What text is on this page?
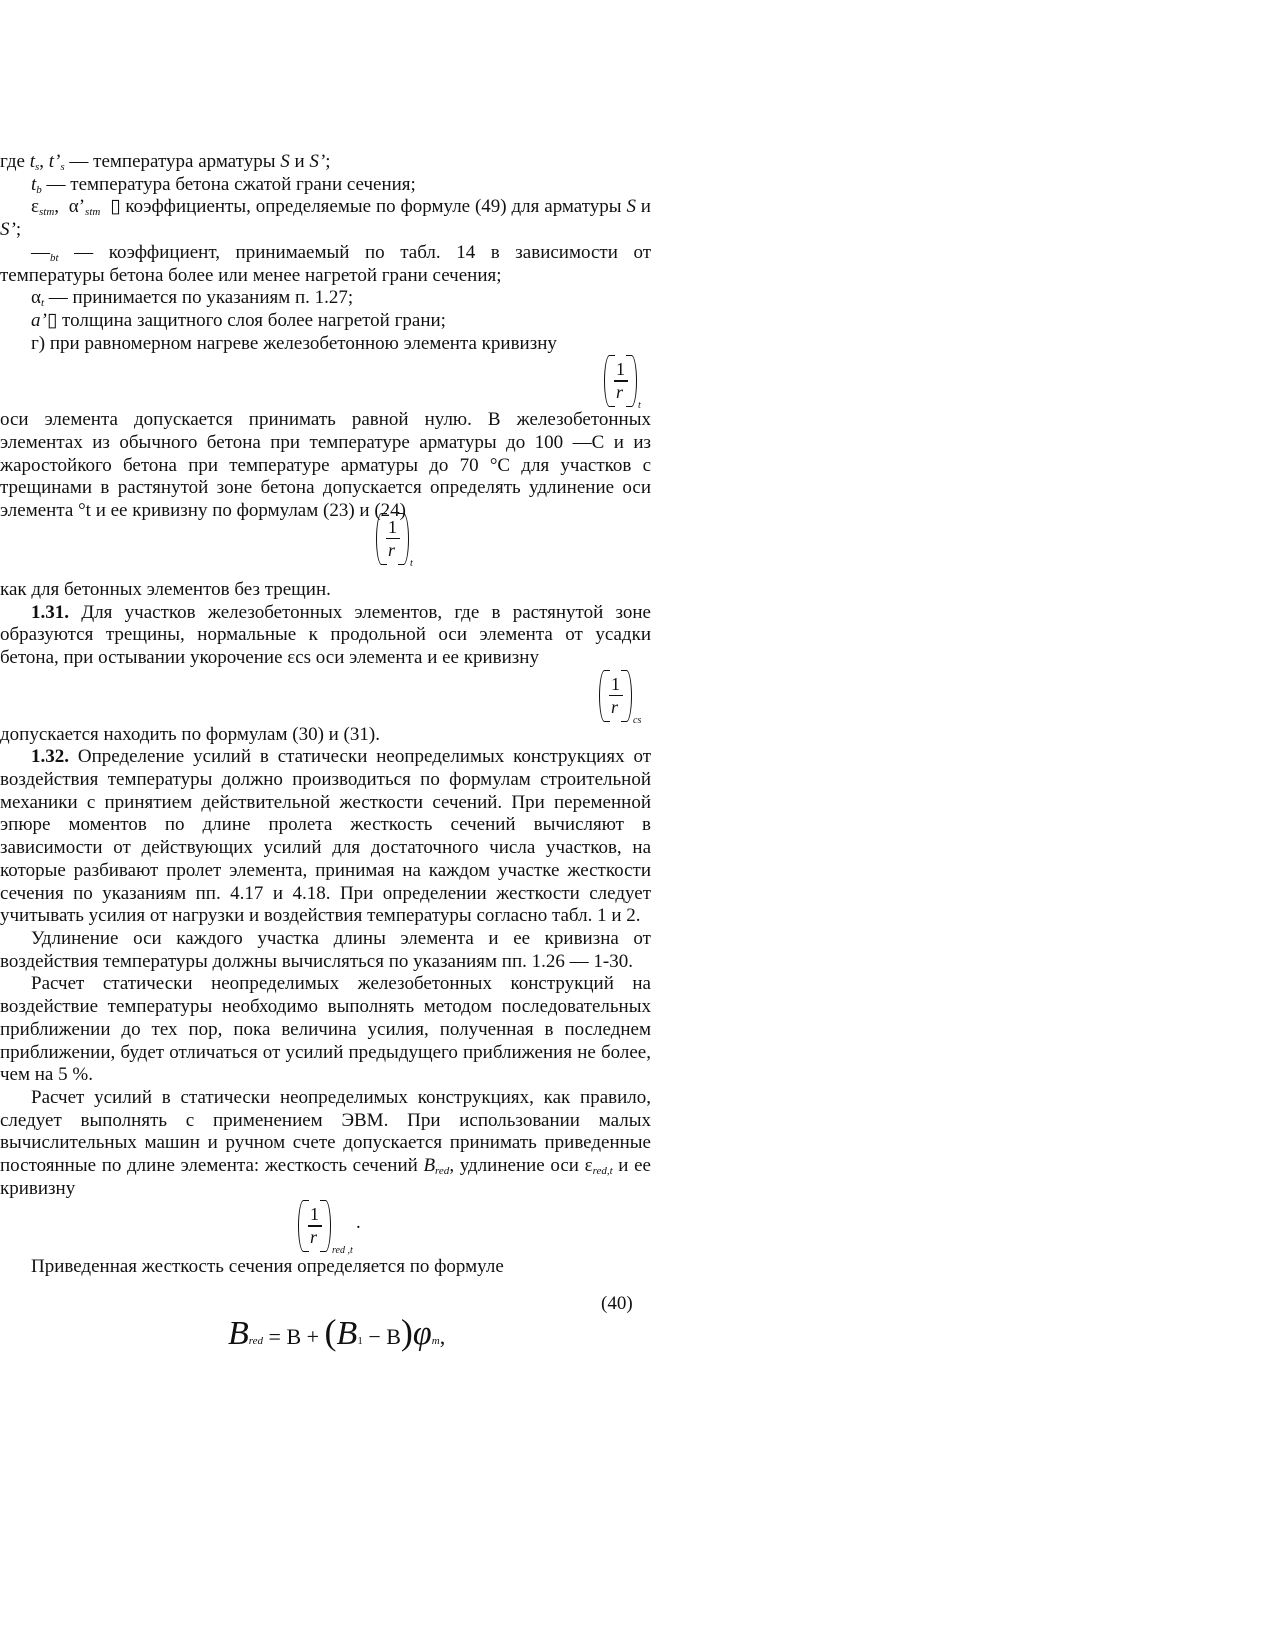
где $t_s$, $t’_s$ — температура арматуры S и S’;

$t_b$ — температура бетона сжатой грани сечения;

$\varepsilon_{stm}$,  $\alpha’_{stm}$  ▯ коэффициенты, определяемые по формуле (49) для арматуры S и S’;

$—_{bt}$ — коэффициент, принимаемый по табл. 14 в зависимости от температуры бетона более или менее нагретой грани сечения;

$\alpha_t$ — принимается по указаниям п. 1.27;

a’▯ толщина защитного слоя более нагретой грани;

г) при равномерном нагреве железобетонною элемента кривизну

1
r
t

оси элемента допускается принимать равной нулю. В железобетонных элементах из обычного бетона при температуре арматуры до 100 —С и из жаростойкого бетона при температуре арматуры до 70 °С для участков с трещинами в растянутой зоне бетона допускается определять удлинение оси элемента °t и ее кривизну по формулам (23) и (24)

1
r
t

как для бетонных элементов без трещин.

1.31. Для участков железобетонных элементов, где в растянутой зоне образуются трещины, нормальные к продольной оси элемента от усадки бетона, при остывании укорочение εcs оси элемента и ее кривизну

1
r
cs

допускается находить по формулам (30) и (31).

1.32. Определение усилий в статически неопределимых конструкциях от воздействия температуры должно производиться по формулам строительной механики с принятием действительной жесткости сечений. При переменной эпюре моментов по длине пролета жесткость сечений вычисляют в зависимости от действующих усилий для достаточного числа участков, на которые разбивают пролет элемента, принимая на каждом участке жесткости сечения по указаниям пп. 4.17 и 4.18. При определении жесткости следует учитывать усилия от нагрузки и воздействия температуры согласно табл. 1 и 2.

Удлинение оси каждого участка длины элемента и ее кривизна от воздействия температуры должны вычисляться по указаниям пп. 1.26 — 1-30.

Расчет статически неопределимых железобетонных конструкций на воздействие температуры необходимо выполнять методом последовательных приближении до тех пор, пока величина усилия, полученная в последнем приближении, будет отличаться от усилий предыдущего приближения не более, чем на 5 %.

Расчет усилий в статически неопределимых конструкциях, как правило, следует выполнять с применением ЭВМ. При использовании малых вычислительных машин и ручном счете допускается принимать приведенные постоянные по длине элемента: жесткость сечений $B_{red}$, удлинение оси $\varepsilon_{red,t}$ и ее кривизну

1
r
red ,t
.

Приведенная жесткость сечения определяется по формуле

(40)
Bred = B + (B1 − B)φm,
